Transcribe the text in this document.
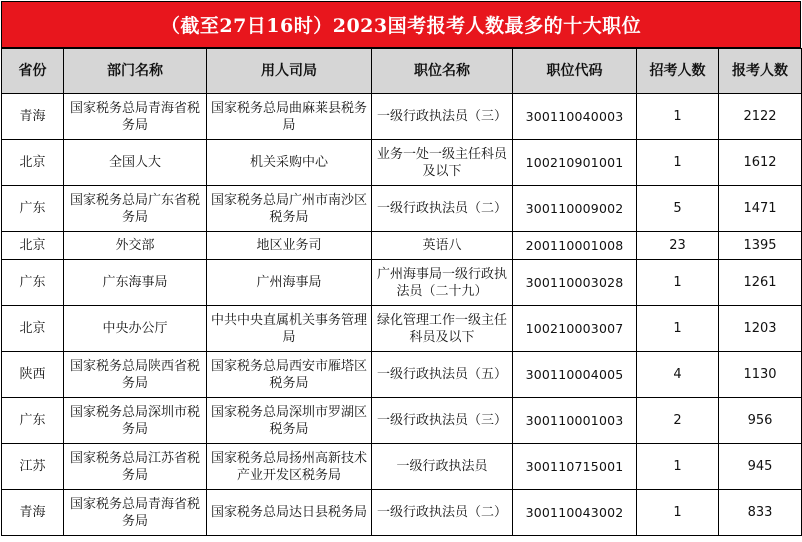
（截至27日16时）2023国考报考人数最多的十大职位
省份	部门名称	用人司局	职位名称	职位代码	招考人数	报考人数
青海	国家税务总局青海省税务局	国家税务总局曲麻莱县税务局	一级行政执法员（三）	300110040003	1	2122
北京	全国人大	机关采购中心	业务一处一级主任科员及以下	100210901001	1	1612
广东	国家税务总局广东省税务局	国家税务总局广州市南沙区税务局	一级行政执法员（二）	300110009002	5	1471
北京	外交部	地区业务司	英语八	200110001008	23	1395
广东	广东海事局	广州海事局	广州海事局一级行政执法员（二十九）	300110003028	1	1261
北京	中央办公厅	中共中央直属机关事务管理局	绿化管理工作一级主任科员及以下	100210003007	1	1203
陕西	国家税务总局陕西省税务局	国家税务总局西安市雁塔区税务局	一级行政执法员（五）	300110004005	4	1130
广东	国家税务总局深圳市税务局	国家税务总局深圳市罗湖区税务局	一级行政执法员（三）	300110001003	2	956
江苏	国家税务总局江苏省税务局	国家税务总局扬州高新技术产业开发区税务局	一级行政执法员	300110715001	1	945
青海	国家税务总局青海省税务局	国家税务总局达日县税务局	一级行政执法员（二）	300110043002	1	833
